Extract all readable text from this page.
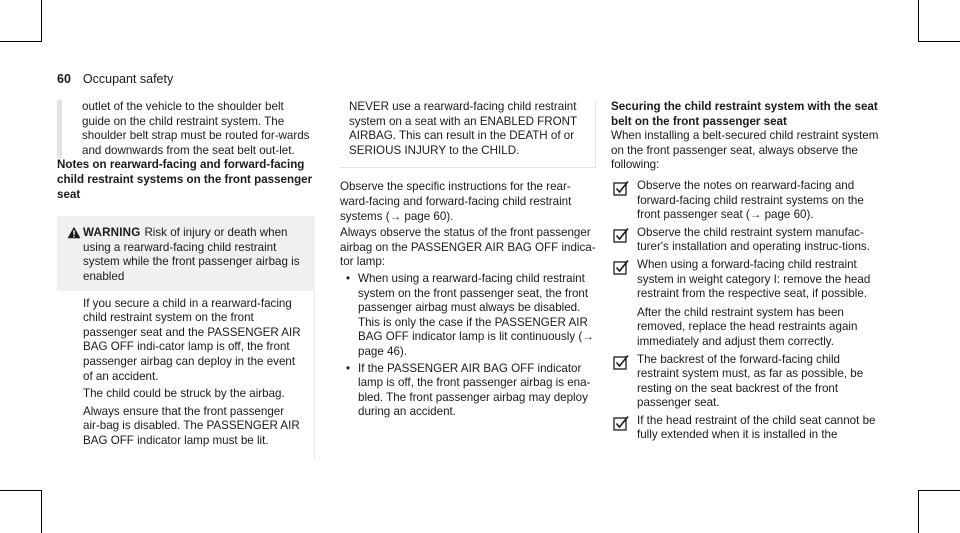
60 Occupant safety

outlet of the vehicle to the shoulder belt guide on the child restraint system. The shoulder belt strap must be routed for-wards and downwards from the seat belt out-let.

Notes on rearward-facing and forward-facing child restraint systems on the front passenger seat

WARNING Risk of injury or death when using a rearward-facing child restraint system while the front passenger airbag is enabled

If you secure a child in a rearward-facing child restraint system on the front passenger seat and the PASSENGER AIR BAG OFF indi-cator lamp is off, the front passenger airbag can deploy in the event of an accident.

The child could be struck by the airbag.

Always ensure that the front passenger air-bag is disabled. The PASSENGER AIR BAG OFF indicator lamp must be lit.

NEVER use a rearward-facing child restraint system on a seat with an ENABLED FRONT AIRBAG. This can result in the DEATH of or SERIOUS INJURY to the CHILD.

Observe the specific instructions for the rear-ward-facing and forward-facing child restraint systems (→ page 60).

Always observe the status of the front passenger airbag on the PASSENGER AIR BAG OFF indica-tor lamp:

• When using a rearward-facing child restraint system on the front passenger seat, the front passenger airbag must always be disabled. This is only the case if the PASSENGER AIR BAG OFF indicator lamp is lit continuously (→ page 46).
• If the PASSENGER AIR BAG OFF indicator lamp is off, the front passenger airbag is ena-bled. The front passenger airbag may deploy during an accident.

Securing the child restraint system with the seat belt on the front passenger seat

When installing a belt-secured child restraint system on the front passenger seat, always observe the following:

Observe the notes on rearward-facing and forward-facing child restraint systems on the front passenger seat (→ page 60).

Observe the child restraint system manufac-turer's installation and operating instruc-tions.

When using a forward-facing child restraint system in weight category I: remove the head restraint from the respective seat, if possible.

After the child restraint system has been removed, replace the head restraints again immediately and adjust them correctly.

The backrest of the forward-facing child restraint system must, as far as possible, be resting on the seat backrest of the front passenger seat.

If the head restraint of the child seat cannot be fully extended when it is installed in the
